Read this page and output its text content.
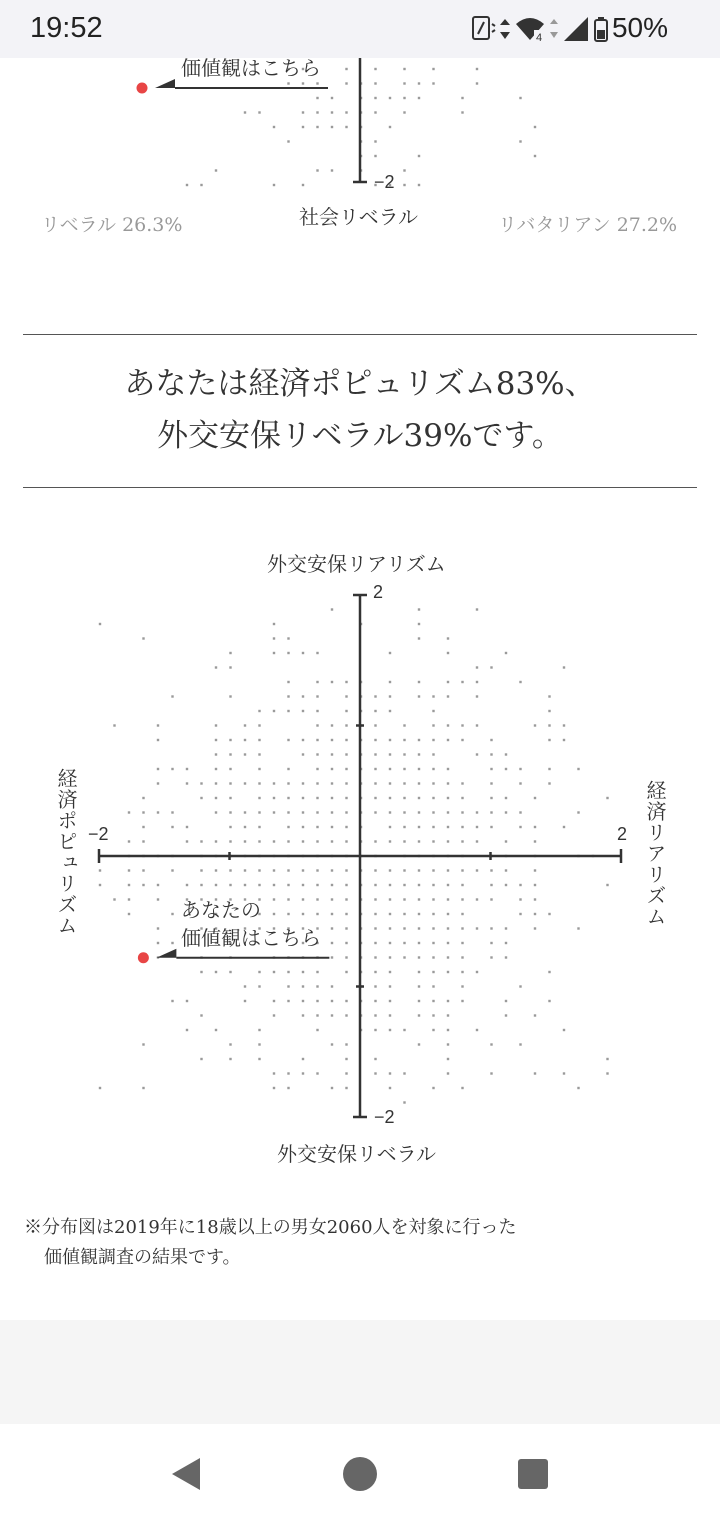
19:52	4 50%
価値観はこちら
−2
社会リベラル
リベラル 26.3%	リバタリアン 27.2%
あなたは経済ポピュリズム83%、
外交安保リベラル39%です。
外交安保リアリズム
2
−2
−2	2
経済ポピュリズム	経済リアリズム
あなたの
価値観はこちら
外交安保リベラル
※分布図は2019年に18歳以上の男女2060人を対象に行った
価値観調査の結果です。
